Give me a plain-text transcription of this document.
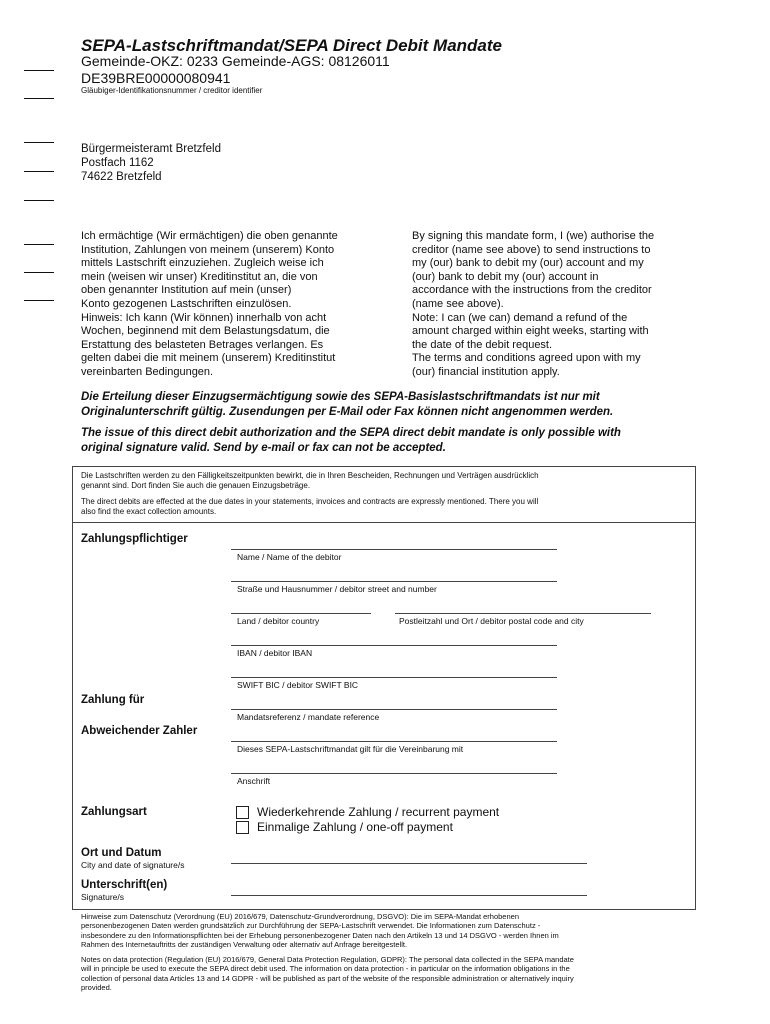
SEPA-Lastschriftmandat/SEPA Direct Debit Mandate
Gemeinde-OKZ: 0233 Gemeinde-AGS: 08126011
DE39BRE00000080941
Gläubiger-Identifikationsnummer / creditor identifier
Bürgermeisteramt Bretzfeld
Postfach 1162
74622 Bretzfeld
Ich ermächtige (Wir ermächtigen) die oben genannte
Institution, Zahlungen von meinem (unserem) Konto
mittels Lastschrift einzuziehen. Zugleich weise ich
mein (weisen wir unser) Kreditinstitut an, die von
oben genannter Institution auf mein (unser)
Konto gezogenen Lastschriften einzulösen.
Hinweis: Ich kann (Wir können) innerhalb von acht
Wochen, beginnend mit dem Belastungsdatum, die
Erstattung des belasteten Betrages verlangen. Es
gelten dabei die mit meinem (unserem) Kreditinstitut
vereinbarten Bedingungen.
By signing this mandate form, I (we) authorise the
creditor (name see above) to send instructions to
my (our) bank to debit my (our) account and my
(our) bank to debit my (our) account in
accordance with the instructions from the creditor
(name see above).
Note: I can (we can) demand a refund of the
amount charged within eight weeks, starting with
the date of the debit request.
The terms and conditions agreed upon with my
(our) financial institution apply.
Die Erteilung dieser Einzugsermächtigung sowie des SEPA-Basislastschriftmandats ist nur mit
Originalunterschrift gültig. Zusendungen per E-Mail oder Fax können nicht angenommen werden.
The issue of this direct debit authorization and the SEPA direct debit mandate is only possible with
original signature valid. Send by e-mail or fax can not be accepted.
Die Lastschriften werden zu den Fälligkeitszeitpunkten bewirkt, die in Ihren Bescheiden, Rechnungen und Verträgen ausdrücklich
genannt sind. Dort finden Sie auch die genauen Einzugsbeträge.
The direct debits are effected at the due dates in your statements, invoices and contracts are expressly mentioned. There you will
also find the exact collection amounts.
Zahlungspflichtiger
Name / Name of the debitor
Straße und Hausnummer / debitor street and number
Land / debitor country	Postleitzahl und Ort / debitor postal code and city
IBAN / debitor IBAN
SWIFT BIC / debitor SWIFT BIC
Zahlung für
Mandatsreferenz / mandate reference
Abweichender Zahler
Dieses SEPA-Lastschriftmandat gilt für die Vereinbarung mit
Anschrift
Zahlungsart	Wiederkehrende Zahlung / recurrent payment
Einmalige Zahlung / one-off payment
Ort und Datum
City and date of signature/s
Unterschrift(en)
Signature/s
Hinweise zum Datenschutz (Verordnung (EU) 2016/679, Datenschutz-Grundverordnung, DSGVO): Die im SEPA-Mandat erhobenen
personenbezogenen Daten werden grundsätzlich zur Durchführung der SEPA-Lastschrift verwendet. Die Informationen zum Datenschutz -
insbesondere zu den Informationspflichten bei der Erhebung personenbezogener Daten nach den Artikeln 13 und 14 DSGVO - werden Ihnen im
Rahmen des Internetauftritts der zuständigen Verwaltung oder alternativ auf Anfrage bereitgestellt.
Notes on data protection (Regulation (EU) 2016/679, General Data Protection Regulation, GDPR): The personal data collected in the SEPA mandate
will in principle be used to execute the SEPA direct debit used. The information on data protection - in particular on the information obligations in the
collection of personal data Articles 13 and 14 GDPR - will be published as part of the website of the responsible administration or alternatively inquiry
provided.
